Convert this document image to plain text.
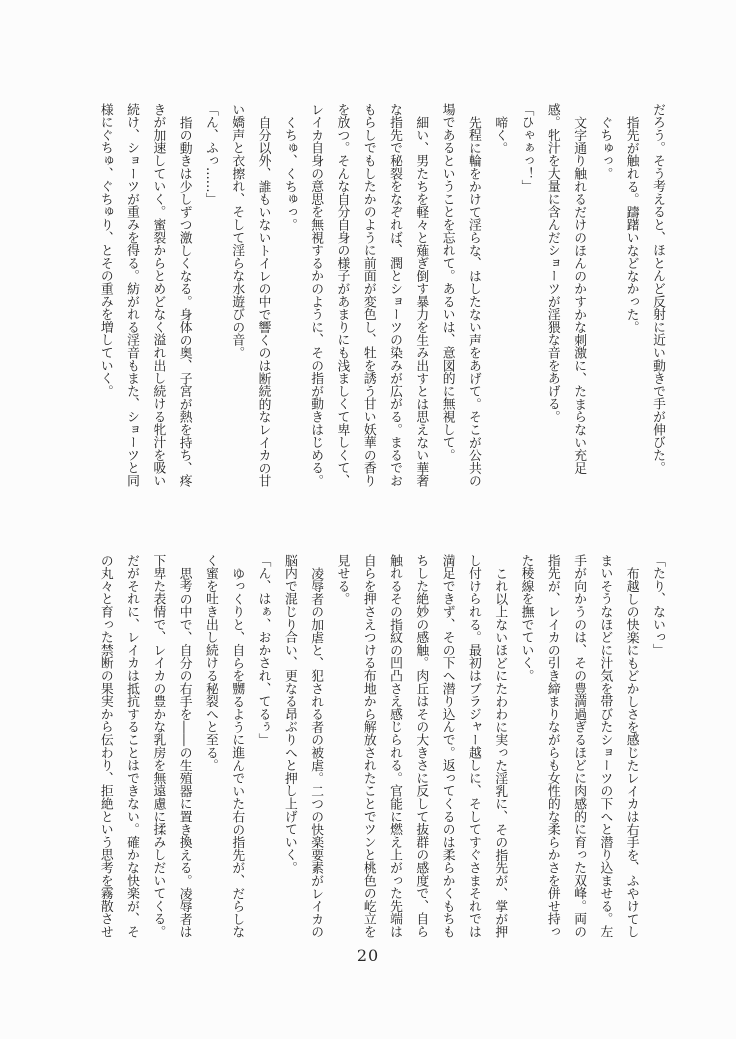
だろう。そう考えると、ほとんど反射に近い動きで手が伸びた。

指先が触れる。躊躇いなどなかった。

ぐちゅっ。

文字通り触れるだけのほんのかすかな刺激に、たまらない充足

感。牝汁を大量に含んだショーツが淫猥な音をあげる。

「ひゃぁっ！」

啼く。

先程に輪をかけて淫らな、はしたない声をあげて。そこが公共の

場であるということを忘れて。あるいは、意図的に無視して。

細い、男たちを軽々と薙ぎ倒す暴力を生み出すとは思えない華奢

な指先で秘裂をなぞれば、潤とショーツの染みが広がる。まるでお

もらしでもしたかのように前面が変色し、牡を誘う甘い妖華の香り

を放つ。そんな自分自身の様子があまりにも浅ましくて卑しくて、

レイカ自身の意思を無視するかのように、その指が動きはじめる。

くちゅ、くちゅっ。

自分以外、誰もいないトイレの中で響くのは断続的なレイカの甘

い嬌声と衣擦れ、そして淫らな水遊びの音。

「ん、ふっ……」

指の動きは少しずつ激しくなる。身体の奥、子宮が熱を持ち、疼

きが加速していく。蜜裂からとめどなく溢れ出し続ける牝汁を吸い

続け、ショーツが重みを得る。紡がれる淫音もまた、ショーツと同

様にぐちゅ、ぐちゅり、とその重みを増していく。

「たり、ないっ」

布越しの快楽にもどかしさを感じたレイカは右手を、ふやけてし

まいそうなほどに汁気を帯びたショーツの下へと潜り込ませる。左

手が向かうのは、その豊満過ぎるほどに肉感的に育った双峰。両の

指先が、レイカの引き締まりながらも女性的な柔らかさを併せ持っ

た稜線を撫でていく。

これ以上ないほどにたわわに実った淫乳に、その指先が、掌が押

し付けられる。最初はブラジャー越しに、そしてすぐさまそれでは

満足できず、その下へ潜り込んで。返ってくるのは柔らかくもちも

ちした絶妙の感触。肉丘はその大きさに反して抜群の感度で、自ら

触れるその指紋の凹凸さえ感じられる。官能に燃え上がった先端は

自らを押さえつける布地から解放されたことでツンと桃色の屹立を

見せる。

凌辱者の加虐と、犯される者の被虐。二つの快楽要素がレイカの

脳内で混じり合い、更なる昂ぶりへと押し上げていく。

「ん、はぁ、おかされ、てるぅ」

ゆっくりと、自らを嬲るように進んでいた右の指先が、だらしな

く蜜を吐き出し続ける秘裂へと至る。

思考の中で、自分の右手を――の生殖器に置き換える。凌辱者は

下卑た表情で、レイカの豊かな乳房を無遠慮に揉みしだいてくる。

だがそれに、レイカは抵抗することはできない。確かな快楽が、そ

の丸々と育った禁断の果実から伝わり、拒絶という思考を霧散させ

20
